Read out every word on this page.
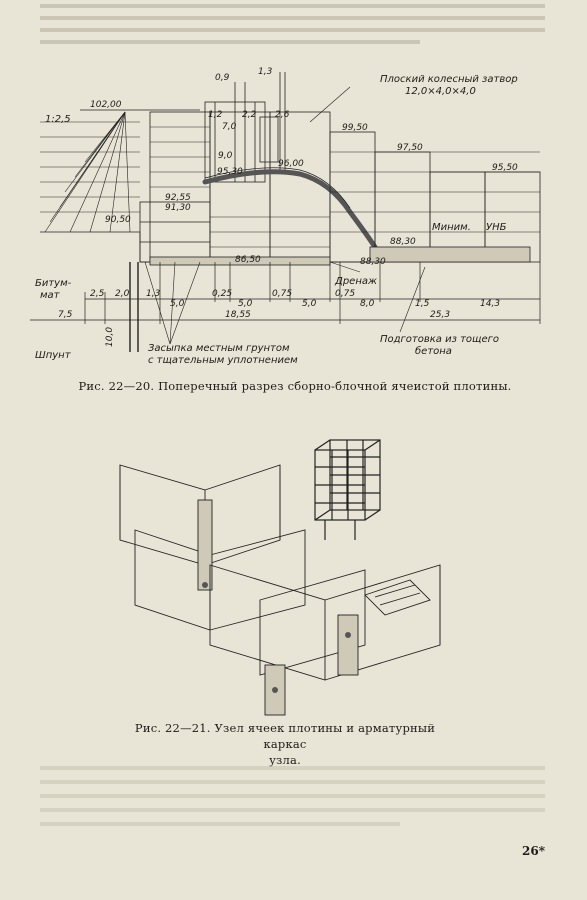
Плоский колесный затвор
12,0×4,0×4,0
1:2,5
Битум-
мат
Шпунт
Дренаж
Миним. УНБ
Засыпка местным грунтом
с тщательным уплотнением
Подготовка из тощего
бетона
102,00
99,50
97,50
95,50
96,00
95,30
92,55
91,30
90,50
86,50
88,30
88,30
0,9
1,3
1,2 2,2 2,6
7,0
9,0
2,5 2,0 1,3
5,0
0,25
5,0
0,75
5,0
0,75
8,0	1,5	14,3
7,5	18,55	25,3
10,0
Рис. 22—20. Поперечный разрез сборно-блочной ячеистой плотины.
Рис. 22—21. Узел ячеек плотины и арматурный каркас
узла.
26*
